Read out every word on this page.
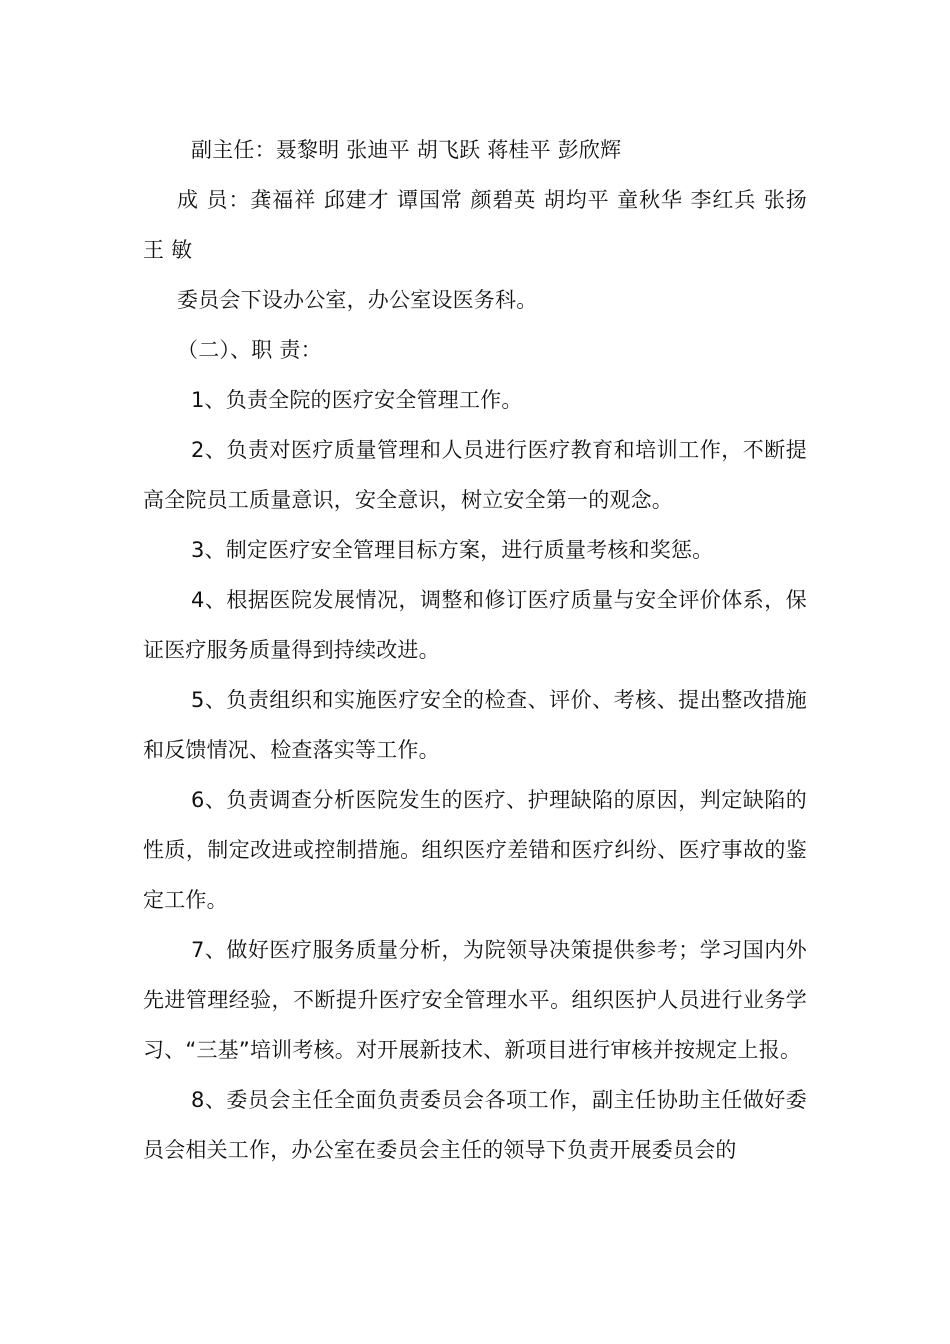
副主任：聂黎明 张迪平 胡飞跃 蒋桂平 彭欣辉

成 员：龚福祥 邱建才 谭国常 颜碧英 胡均平 童秋华 李红兵 张扬 王 敏

委员会下设办公室，办公室设医务科。

（二）、职 责：

1、负责全院的医疗安全管理工作。

2、负责对医疗质量管理和人员进行医疗教育和培训工作，不断提高全院员工质量意识，安全意识，树立安全第一的观念。

3、制定医疗安全管理目标方案，进行质量考核和奖惩。

4、根据医院发展情况，调整和修订医疗质量与安全评价体系，保证医疗服务质量得到持续改进。

5、负责组织和实施医疗安全的检查、评价、考核、提出整改措施和反馈情况、检查落实等工作。

6、负责调查分析医院发生的医疗、护理缺陷的原因，判定缺陷的性质，制定改进或控制措施。组织医疗差错和医疗纠纷、医疗事故的鉴定工作。

7、做好医疗服务质量分析，为院领导决策提供参考；学习国内外先进管理经验，不断提升医疗安全管理水平。组织医护人员进行业务学习、“三基”培训考核。对开展新技术、新项目进行审核并按规定上报。

8、委员会主任全面负责委员会各项工作，副主任协助主任做好委员会相关工作，办公室在委员会主任的领导下负责开展委员会的
